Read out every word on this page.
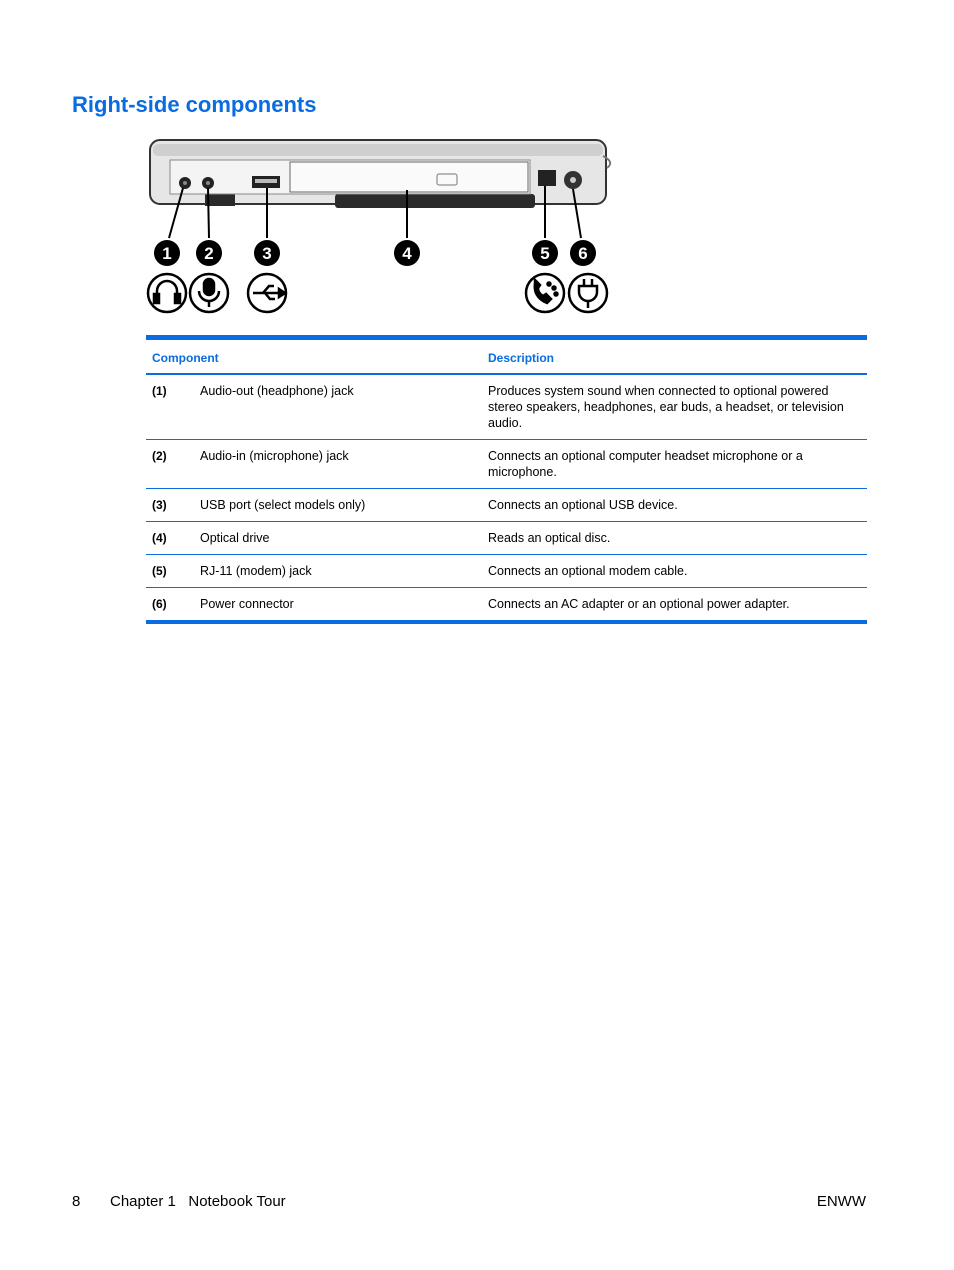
Right-side components
1 2	3	4	5 6
Component		Description
(1)	Audio-out (headphone) jack	Produces system sound when connected to optional powered stereo speakers, headphones, ear buds, a headset, or television audio.
(2)	Audio-in (microphone) jack	Connects an optional computer headset microphone or a microphone.
(3)	USB port (select models only)	Connects an optional USB device.
(4)	Optical drive	Reads an optical disc.
(5)	RJ-11 (modem) jack	Connects an optional modem cable.
(6)	Power connector	Connects an AC adapter or an optional power adapter.
8 Chapter 1   Notebook Tour	ENWW
